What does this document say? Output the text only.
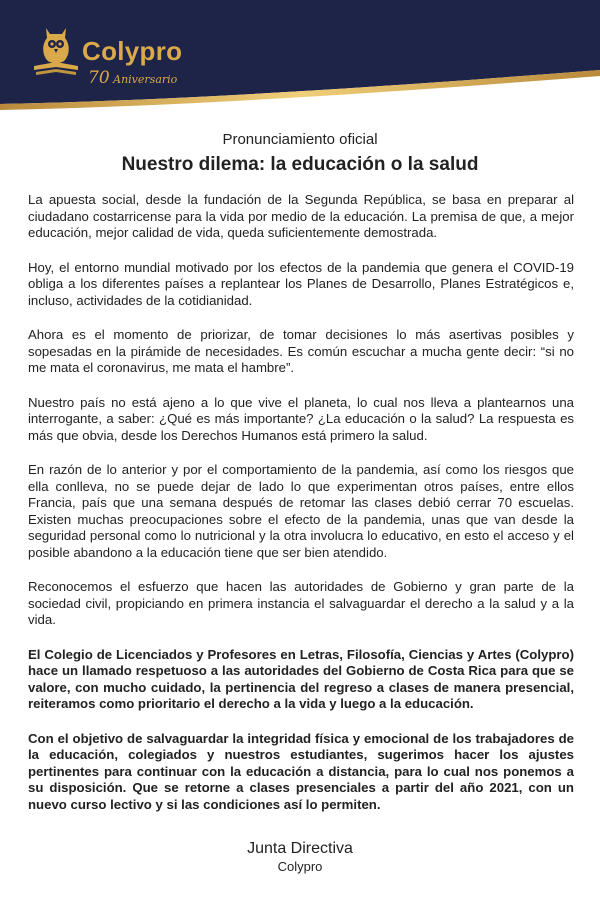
Colypro
70 Aniversario
Pronunciamiento oficial
Nuestro dilema: la educación o la salud

La apuesta social, desde la fundación de la Segunda República, se basa en preparar al ciudadano costarricense para la vida por medio de la educación. La premisa de que, a mejor educación, mejor calidad de vida, queda suficientemente demostrada.

Hoy, el entorno mundial motivado por los efectos de la pandemia que genera el COVID-19 obliga a los diferentes países a replantear los Planes de Desarrollo, Planes Estratégicos e, incluso, actividades de la cotidianidad.

Ahora es el momento de priorizar, de tomar decisiones lo más asertivas posibles y sopesadas en la pirámide de necesidades. Es común escuchar a mucha gente decir: “si no me mata el coronavirus, me mata el hambre”.

Nuestro país no está ajeno a lo que vive el planeta, lo cual nos lleva a plantearnos una interrogante, a saber: ¿Qué es más importante? ¿La educación o la salud? La respuesta es más que obvia, desde los Derechos Humanos está primero la salud.

En razón de lo anterior y por el comportamiento de la pandemia, así como los riesgos que ella conlleva, no se puede dejar de lado lo que experimentan otros países, entre ellos Francia, país que una semana después de retomar las clases debió cerrar 70 escuelas. Existen muchas preocupaciones sobre el efecto de la pandemia, unas que van desde la seguridad personal como lo nutricional y la otra involucra lo educativo, en esto el acceso y el posible abandono a la educación tiene que ser bien atendido.

Reconocemos el esfuerzo que hacen las autoridades de Gobierno y gran parte de la sociedad civil, propiciando en primera instancia el salvaguardar el derecho a la salud y a la vida.

El Colegio de Licenciados y Profesores en Letras, Filosofía, Ciencias y Artes (Colypro) hace un llamado respetuoso a las autoridades del Gobierno de Costa Rica para que se valore, con mucho cuidado, la pertinencia del regreso a clases de manera presencial, reiteramos como prioritario el derecho a la vida y luego a la educación.

Con el objetivo de salvaguardar la integridad física y emocional de los trabajadores de la educación, colegiados y nuestros estudiantes, sugerimos hacer los ajustes pertinentes para continuar con la educación a distancia, para lo cual nos ponemos a su disposición. Que se retorne a clases presenciales a partir del año 2021, con un nuevo curso lectivo y si las condiciones así lo permiten.

Junta Directiva
Colypro
